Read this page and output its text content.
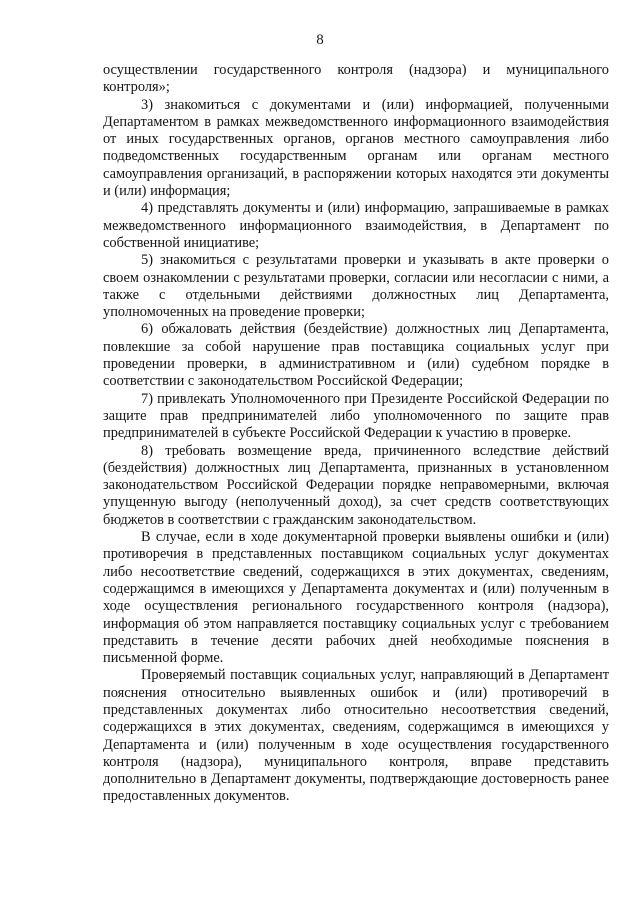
8

осуществлении государственного контроля (надзора) и муниципального контроля»;

3) знакомиться с документами и (или) информацией, полученными Департаментом в рамках межведомственного информационного взаимодействия от иных государственных органов, органов местного самоуправления либо подведомственных государственным органам или органам местного самоуправления организаций, в распоряжении которых находятся эти документы и (или) информация;

4) представлять документы и (или) информацию, запрашиваемые в рамках межведомственного информационного взаимодействия, в Департамент по собственной инициативе;

5) знакомиться с результатами проверки и указывать в акте проверки о своем ознакомлении с результатами проверки, согласии или несогласии с ними, а также с отдельными действиями должностных лиц Департамента, уполномоченных на проведение проверки;

6) обжаловать действия (бездействие) должностных лиц Департамента, повлекшие за собой нарушение прав поставщика социальных услуг при проведении проверки, в административном и (или) судебном порядке в соответствии с законодательством Российской Федерации;

7) привлекать Уполномоченного при Президенте Российской Федерации по защите прав предпринимателей либо уполномоченного по защите прав предпринимателей в субъекте Российской Федерации к участию в проверке.

8) требовать возмещение вреда, причиненного вследствие действий (бездействия) должностных лиц Департамента, признанных в установленном законодательством Российской Федерации порядке неправомерными, включая упущенную выгоду (неполученный доход), за счет средств соответствующих бюджетов в соответствии с гражданским законодательством.

В случае, если в ходе документарной проверки выявлены ошибки и (или) противоречия в представленных поставщиком социальных услуг документах либо несоответствие сведений, содержащихся в этих документах, сведениям, содержащимся в имеющихся у Департамента документах и (или) полученным в ходе осуществления регионального государственного контроля (надзора), информация об этом направляется поставщику социальных услуг с требованием представить в течение десяти рабочих дней необходимые пояснения в письменной форме.

Проверяемый поставщик социальных услуг, направляющий в Департамент пояснения относительно выявленных ошибок и (или) противоречий в представленных документах либо относительно несоответствия сведений, содержащихся в этих документах, сведениям, содержащимся в имеющихся у Департамента и (или) полученным в ходе осуществления государственного контроля (надзора), муниципального контроля, вправе представить дополнительно в Департамент документы, подтверждающие достоверность ранее предоставленных документов.
